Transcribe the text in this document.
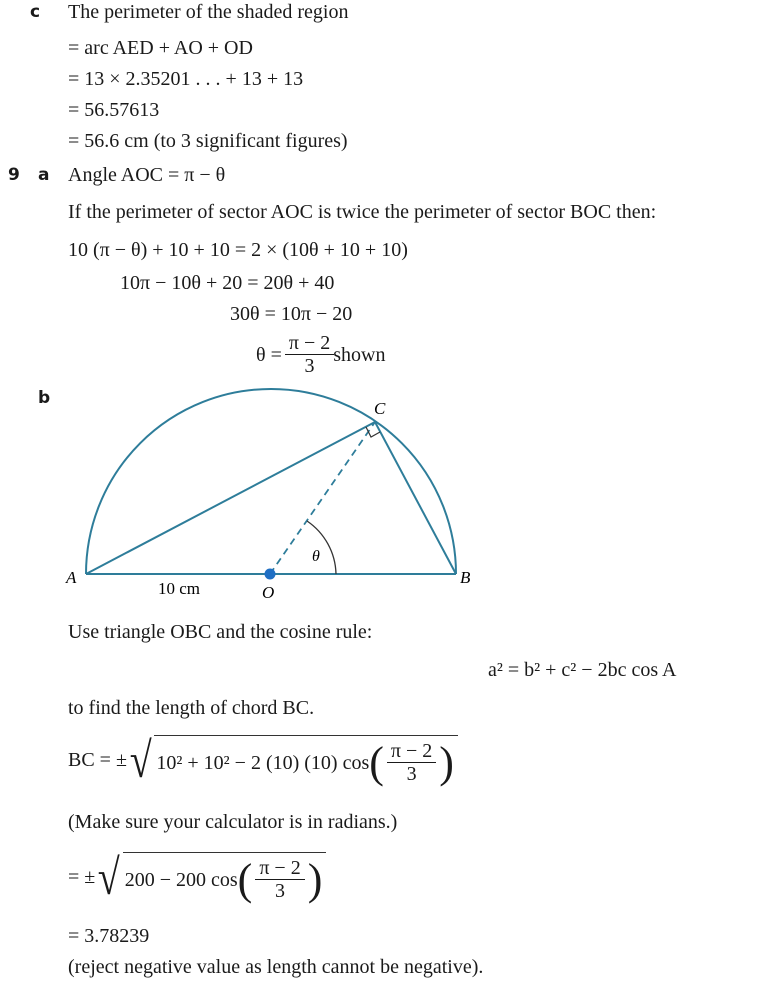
c The perimeter of the shaded region
= arc AED + AO + OD
= 13 × 2.35201 . . . + 13 + 13
= 56.57613
= 56.6 cm (to 3 significant figures)
9 a Angle AOC = π − θ
If the perimeter of sector AOC is twice the perimeter of sector BOC then:
10 (π − θ) + 10 + 10 = 2 × (10θ + 10 + 10)
10π − 10θ + 20 = 20θ + 40
30θ = 10π − 20
$\theta = \frac{\pi - 2}{3}$ shown
b
A	B
C
O
θ
10 cm
Use triangle OBC and the cosine rule:
a² = b² + c² − 2bc cos A
to find the length of chord BC.
BC = ± √ 10² + 10² − 2 (10) (10) cos ( $\frac{\pi - 2}{3}$ )
(Make sure your calculator is in radians.)
= ± √ 200 − 200 cos ( $\frac{\pi - 2}{3}$ )
= 3.78239
(reject negative value as length cannot be negative).
